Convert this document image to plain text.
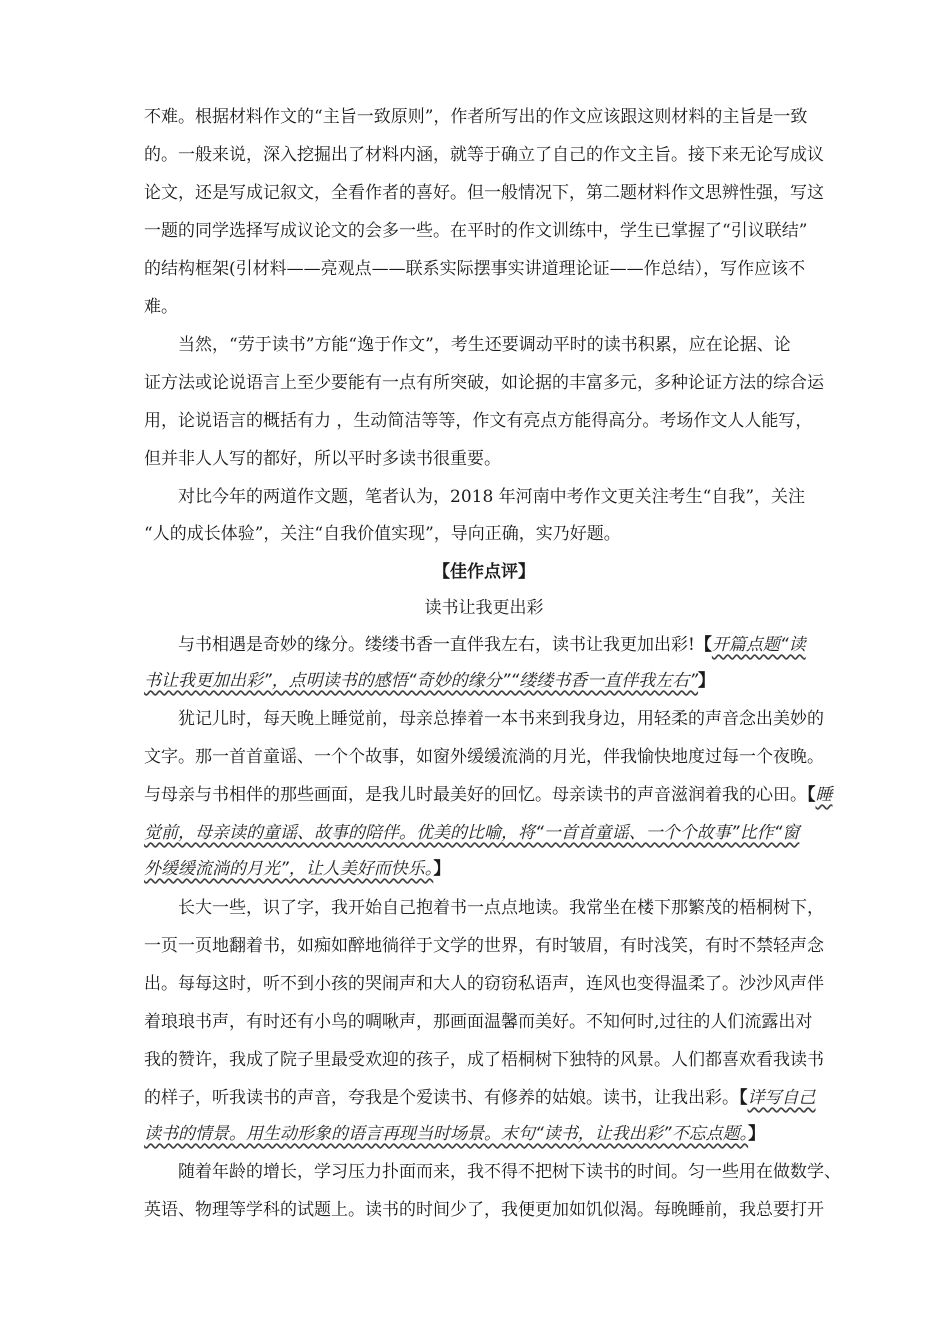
不难。根据材料作文的“主旨一致原则”，作者所写出的作文应该跟这则材料的主旨是一致
的。一般来说，深入挖掘出了材料内涵，就等于确立了自己的作文主旨。接下来无论写成议
论文，还是写成记叙文，全看作者的喜好。但一般情况下，第二题材料作文思辨性强，写这
一题的同学选择写成议论文的会多一些。在平时的作文训练中，学生已掌握了“引议联结”
的结构框架(引材料——亮观点——联系实际摆事实讲道理论证——作总结），写作应该不
难。
当然，“劳于读书”方能“逸于作文”，考生还要调动平时的读书积累，应在论据、论
证方法或论说语言上至少要能有一点有所突破，如论据的丰富多元，多种论证方法的综合运
用，论说语言的概括有力 ，生动简洁等等，作文有亮点方能得高分。考场作文人人能写，
但并非人人写的都好，所以平时多读书很重要。
对比今年的两道作文题，笔者认为，2018 年河南中考作文更关注考生“自我”，关注
“人的成长体验”，关注“自我价值实现”，导向正确，实乃好题。
【佳作点评】
读书让我更出彩
与书相遇是奇妙的缘分。缕缕书香一直伴我左右，读书让我更加出彩!【开篇点题“读
书让我更加出彩”，点明读书的感悟“奇妙的缘分”“缕缕书香一直伴我左右”】
犹记儿时，每天晚上睡觉前，母亲总捧着一本书来到我身边，用轻柔的声音念出美妙的
文字。那一首首童谣、一个个故事，如窗外缓缓流淌的月光，伴我愉快地度过每一个夜晚。
与母亲与书相伴的那些画面，是我儿时最美好的回忆。母亲读书的声音滋润着我的心田。【睡
觉前，母亲读的童谣、故事的陪伴。优美的比喻，将“一首首童谣、一个个故事”比作“窗
外缓缓流淌的月光”，让人美好而快乐。】
长大一些，识了字，我开始自己抱着书一点点地读。我常坐在楼下那繁茂的梧桐树下，
一页一页地翻着书，如痴如醉地徜徉于文学的世界，有时皱眉，有时浅笑，有时不禁轻声念
出。每每这时，听不到小孩的哭闹声和大人的窃窃私语声，连风也变得温柔了。沙沙风声伴
着琅琅书声，有时还有小鸟的啁啾声，那画面温馨而美好。不知何时,过往的人们流露出对
我的赞许，我成了院子里最受欢迎的孩子，成了梧桐树下独特的风景。人们都喜欢看我读书
的样子，听我读书的声音，夸我是个爱读书、有修养的姑娘。读书，让我出彩。【详写自己
读书的情景。用生动形象的语言再现当时场景。末句“读书，让我出彩”不忘点题。】
随着年龄的增长，学习压力扑面而来，我不得不把树下读书的时间。匀一些用在做数学、
英语、物理等学科的试题上。读书的时间少了，我便更加如饥似渴。每晚睡前，我总要打开
